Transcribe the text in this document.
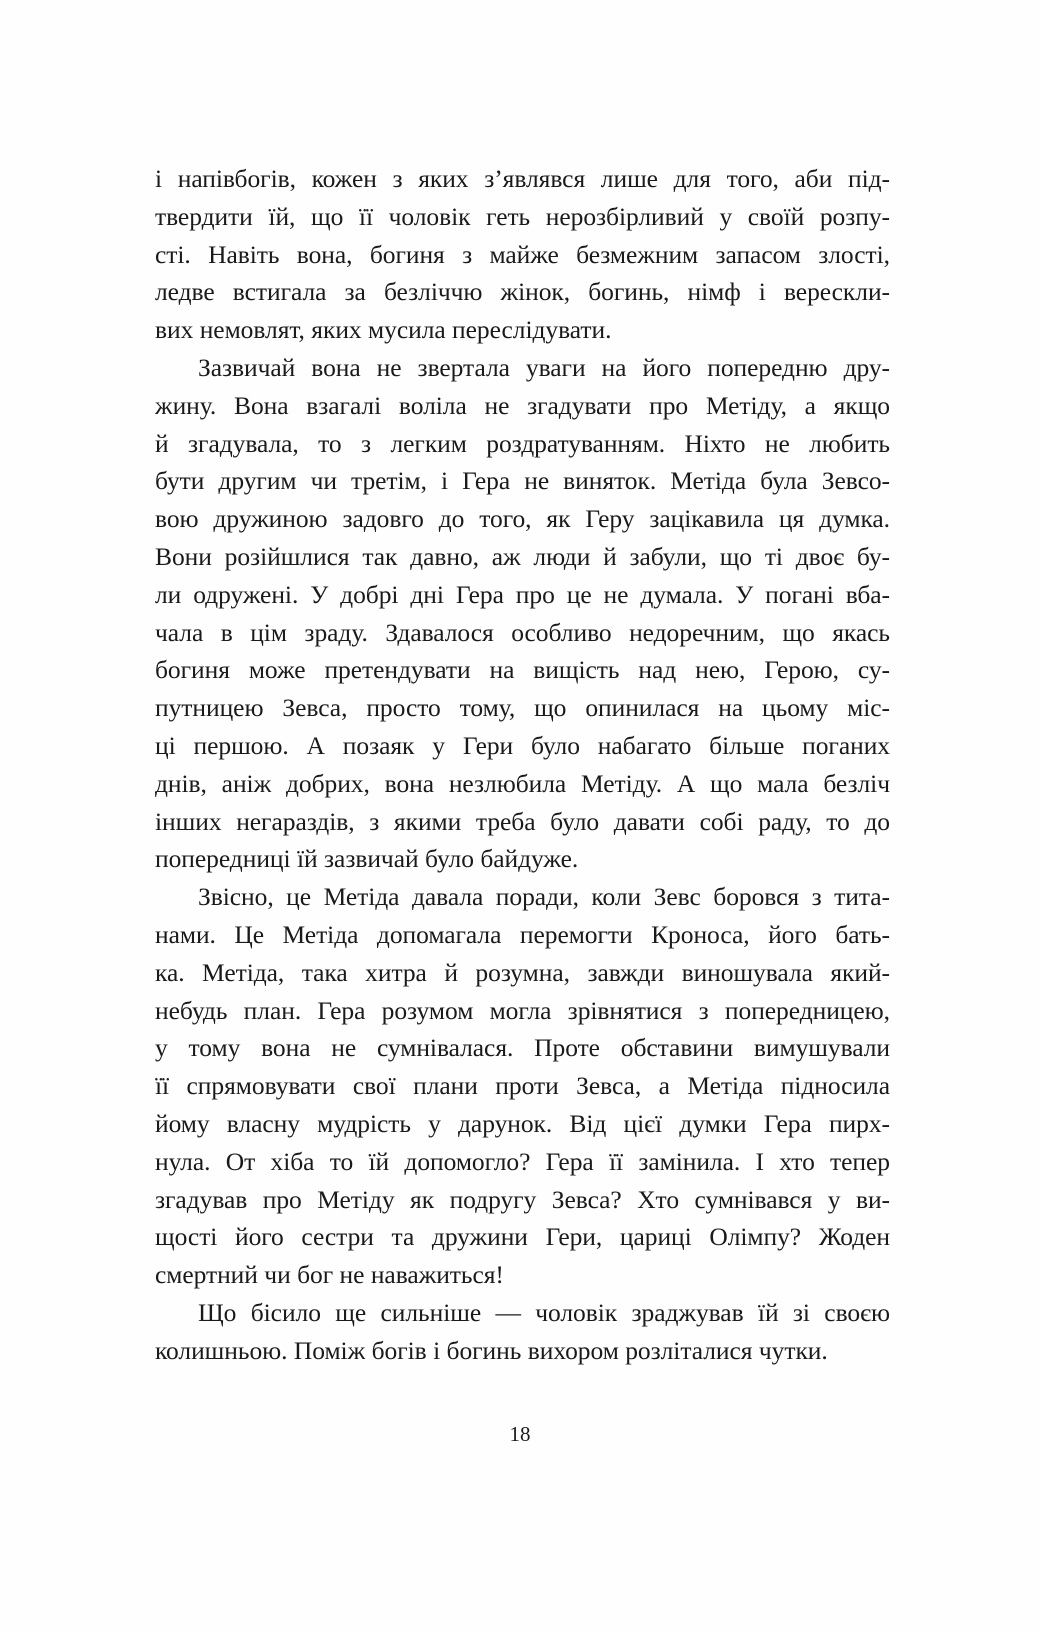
і напівбогів, кожен з яких з’являвся лише для того, аби під-
твердити їй, що її чоловік геть нерозбірливий у своїй розпу-
сті. Навіть вона, богиня з майже безмежним запасом злості,
ледве встигала за безліччю жінок, богинь, німф і верескли-
вих немовлят, яких мусила переслідувати.

Зазвичай вона не звертала уваги на його попередню дру-
жину. Вона взагалі воліла не згадувати про Метіду, а якщо
й згадувала, то з легким роздратуванням. Ніхто не любить
бути другим чи третім, і Гера не виняток. Метіда була Зевсо-
вою дружиною задовго до того, як Геру зацікавила ця думка.
Вони розійшлися так давно, аж люди й забули, що ті двоє бу-
ли одружені. У добрі дні Гера про це не думала. У погані вба-
чала в цім зраду. Здавалося особливо недоречним, що якась
богиня може претендувати на вищість над нею, Герою, су-
путницею Зевса, просто тому, що опинилася на цьому міс-
ці першою. А позаяк у Гери було набагато більше поганих
днів, аніж добрих, вона незлюбила Метіду. А що мала безліч
інших негараздів, з якими треба було давати собі раду, то до
попередниці їй зазвичай було байдуже.

Звісно, це Метіда давала поради, коли Зевс боровся з тита-
нами. Це Метіда допомагала перемогти Кроноса, його бать-
ка. Метіда, така хитра й розумна, завжди виношувала який-
небудь план. Гера розумом могла зрівнятися з попередницею,
у тому вона не сумнівалася. Проте обставини вимушували
її спрямовувати свої плани проти Зевса, а Метіда підносила
йому власну мудрість у дарунок. Від цієї думки Гера пирх-
нула. От хіба то їй допомогло? Гера її замінила. І хто тепер
згадував про Метіду як подругу Зевса? Хто сумнівався у ви-
щості його сестри та дружини Гери, цариці Олімпу? Жоден
смертний чи бог не наважиться!

Що бісило ще сильніше — чоловік зраджував їй зі своєю
колишньою. Поміж богів і богинь вихором розліталися чутки.

18
